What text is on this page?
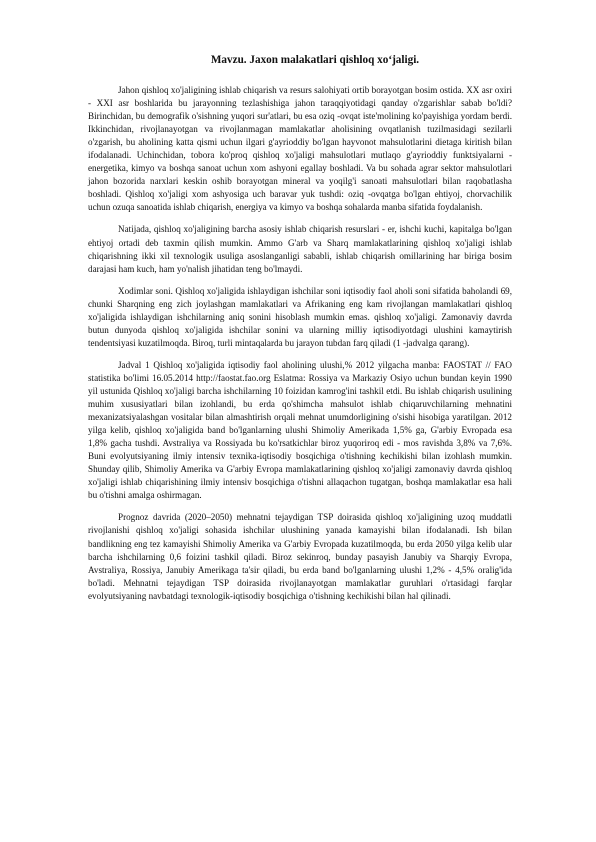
Mavzu. Jaxon malakatlari qishloq xo‘jaligi.

Jahon qishloq xo'jaligining ishlab chiqarish va resurs salohiyati ortib borayotgan bosim ostida. XX asr oxiri - XXI asr boshlarida bu jarayonning tezlashishiga jahon taraqqiyotidagi qanday o'zgarishlar sabab bo'ldi? Birinchidan, bu demografik o'sishning yuqori sur'atlari, bu esa oziq -ovqat iste'molining ko'payishiga yordam berdi. Ikkinchidan, rivojlanayotgan va rivojlanmagan mamlakatlar aholisining ovqatlanish tuzilmasidagi sezilarli o'zgarish, bu aholining katta qismi uchun ilgari g'ayrioddiy bo'lgan hayvonot mahsulotlarini dietaga kiritish bilan ifodalanadi. Uchinchidan, tobora ko'proq qishloq xo'jaligi mahsulotlari mutlaqo g'ayrioddiy funktsiyalarni - energetika, kimyo va boshqa sanoat uchun xom ashyoni egallay boshladi. Va bu sohada agrar sektor mahsulotlari jahon bozorida narxlari keskin oshib borayotgan mineral va yoqilg'i sanoati mahsulotlari bilan raqobatlasha boshladi. Qishloq xo'jaligi xom ashyosiga uch baravar yuk tushdi: oziq -ovqatga bo'lgan ehtiyoj, chorvachilik uchun ozuqa sanoatida ishlab chiqarish, energiya va kimyo va boshqa sohalarda manba sifatida foydalanish.

Natijada, qishloq xo'jaligining barcha asosiy ishlab chiqarish resurslari - er, ishchi kuchi, kapitalga bo'lgan ehtiyoj ortadi deb taxmin qilish mumkin. Ammo G'arb va Sharq mamlakatlarining qishloq xo'jaligi ishlab chiqarishning ikki xil texnologik usuliga asoslanganligi sababli, ishlab chiqarish omillarining har biriga bosim darajasi ham kuch, ham yo'nalish jihatidan teng bo'lmaydi.

Xodimlar soni. Qishloq xo'jaligida ishlaydigan ishchilar soni iqtisodiy faol aholi soni sifatida baholandi 69, chunki Sharqning eng zich joylashgan mamlakatlari va Afrikaning eng kam rivojlangan mamlakatlari qishloq xo'jaligida ishlaydigan ishchilarning aniq sonini hisoblash mumkin emas. qishloq xo'jaligi. Zamonaviy davrda butun dunyoda qishloq xo'jaligida ishchilar sonini va ularning milliy iqtisodiyotdagi ulushini kamaytirish tendentsiyasi kuzatilmoqda. Biroq, turli mintaqalarda bu jarayon tubdan farq qiladi (1 -jadvalga qarang).

Jadval 1 Qishloq xo'jaligida iqtisodiy faol aholining ulushi,% 2012 yilgacha manba: FAOSTAT // FAO statistika bo'limi 16.05.2014 http://faostat.fao.org Eslatma: Rossiya va Markaziy Osiyo uchun bundan keyin 1990 yil ustunida Qishloq xo'jaligi barcha ishchilarning 10 foizidan kamrog'ini tashkil etdi. Bu ishlab chiqarish usulining muhim xususiyatlari bilan izohlandi, bu erda qo'shimcha mahsulot ishlab chiqaruvchilarning mehnatini mexanizatsiyalashgan vositalar bilan almashtirish orqali mehnat unumdorligining o'sishi hisobiga yaratilgan. 2012 yilga kelib, qishloq xo'jaligida band bo'lganlarning ulushi Shimoliy Amerikada 1,5% ga, G'arbiy Evropada esa 1,8% gacha tushdi. Avstraliya va Rossiyada bu ko'rsatkichlar biroz yuqoriroq edi - mos ravishda 3,8% va 7,6%. Buni evolyutsiyaning ilmiy intensiv texnika-iqtisodiy bosqichiga o'tishning kechikishi bilan izohlash mumkin. Shunday qilib, Shimoliy Amerika va G'arbiy Evropa mamlakatlarining qishloq xo'jaligi zamonaviy davrda qishloq xo'jaligi ishlab chiqarishining ilmiy intensiv bosqichiga o'tishni allaqachon tugatgan, boshqa mamlakatlar esa hali bu o'tishni amalga oshirmagan.

Prognoz davrida (2020–2050) mehnatni tejaydigan TSP doirasida qishloq xo'jaligining uzoq muddatli rivojlanishi qishloq xo'jaligi sohasida ishchilar ulushining yanada kamayishi bilan ifodalanadi. Ish bilan bandlikning eng tez kamayishi Shimoliy Amerika va G'arbiy Evropada kuzatilmoqda, bu erda 2050 yilga kelib ular barcha ishchilarning 0,6 foizini tashkil qiladi. Biroz sekinroq, bunday pasayish Janubiy va Sharqiy Evropa, Avstraliya, Rossiya, Janubiy Amerikaga ta'sir qiladi, bu erda band bo'lganlarning ulushi 1,2% - 4,5% oralig'ida bo'ladi. Mehnatni tejaydigan TSP doirasida rivojlanayotgan mamlakatlar guruhlari o'rtasidagi farqlar evolyutsiyaning navbatdagi texnologik-iqtisodiy bosqichiga o'tishning kechikishi bilan hal qilinadi.
